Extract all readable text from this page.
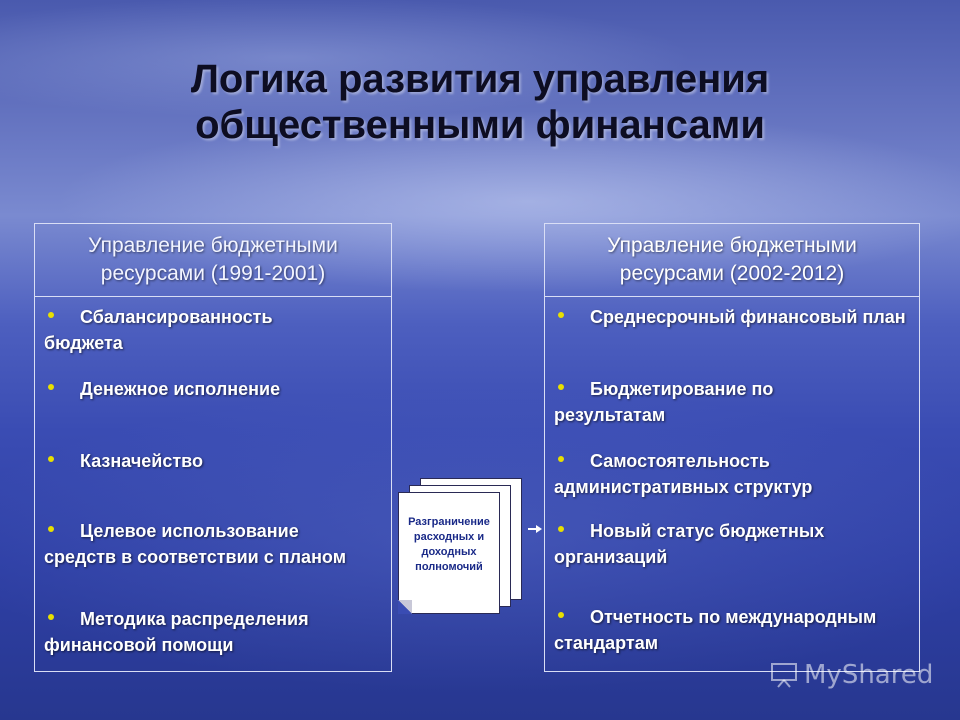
Логика развития управления
общественными финансами
Управление бюджетными
ресурсами (1991-2001)
Сбалансированность бюджета
Денежное исполнение
Казначейство
Целевое использование средств в соответствии с планом
Методика распределения финансовой помощи
Разграничение расходных и доходных полномочий
Управление бюджетными
ресурсами (2002-2012)
Среднесрочный финансовый план
Бюджетирование по результатам
Самостоятельность административных структур
Новый статус бюджетных организаций
Отчетность по международным стандартам
MyShared
